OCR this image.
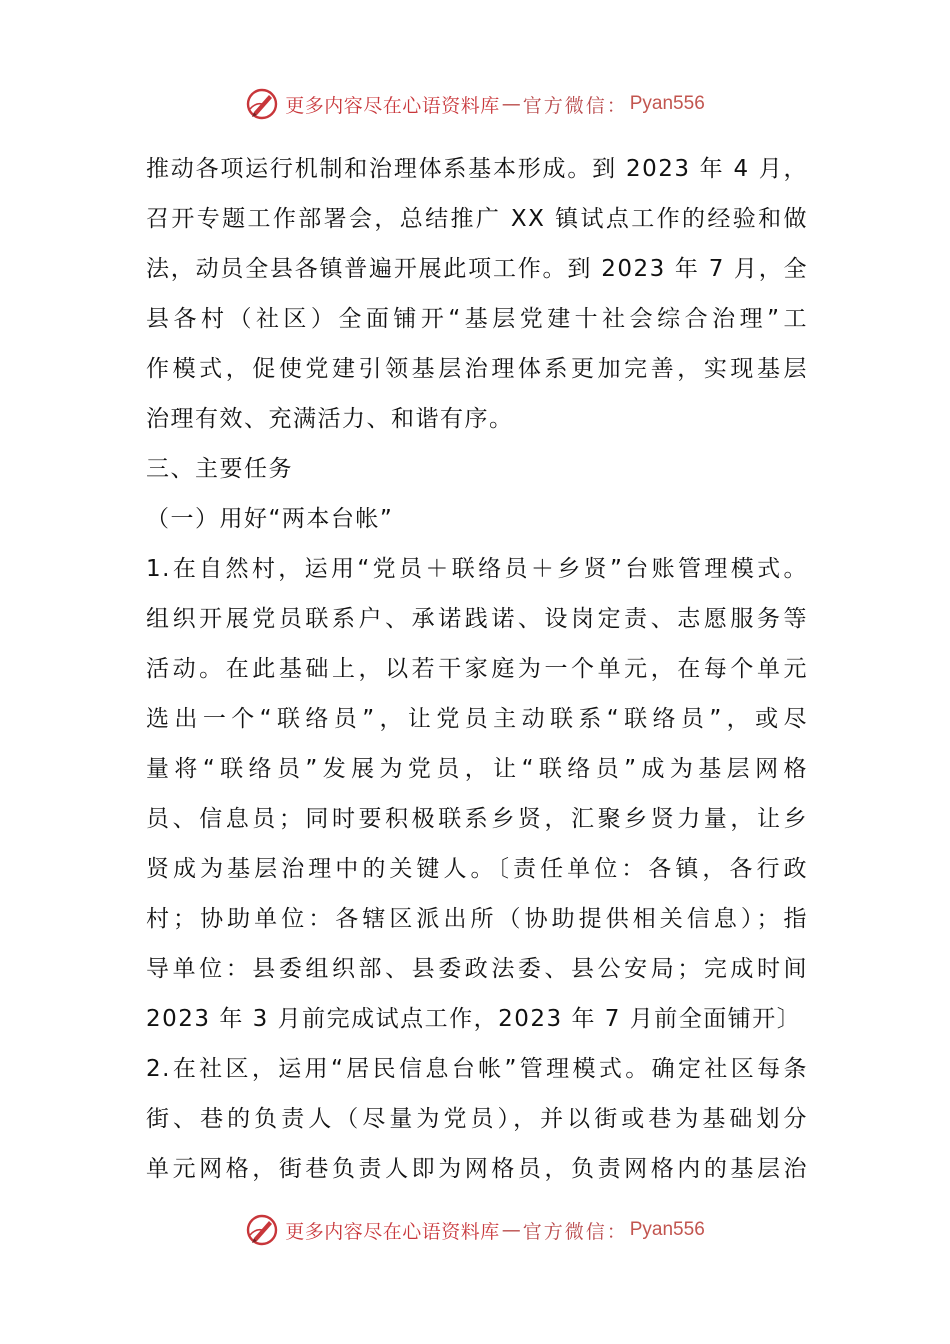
更多内容尽在心语资料库 — 官方微信： Pyan556
推动各项运行机制和治理体系基本形成。到 2023 年 4 月，
召开专题工作部署会，总结推广 XX 镇试点工作的经验和做
法，动员全县各镇普遍开展此项工作。到 2023 年 7 月，全
县各村（社区）全面铺开“基层党建十社会综合治理”工
作模式，促使党建引领基层治理体系更加完善，实现基层
治理有效、充满活力、和谐有序。
三、主要任务
（一）用好“两本台帐”
1.在自然村，运用“党员＋联络员＋乡贤”台账管理模式。
组织开展党员联系户、承诺践诺、设岗定责、志愿服务等
活动。在此基础上，以若干家庭为一个单元，在每个单元
选出一个“联络员”，让党员主动联系“联络员”，或尽
量将“联络员”发展为党员，让“联络员”成为基层网格
员、信息员；同时要积极联系乡贤，汇聚乡贤力量，让乡
贤成为基层治理中的关键人。〔责任单位：各镇，各行政
村；协助单位：各辖区派出所（协助提供相关信息）；指
导单位：县委组织部、县委政法委、县公安局；完成时间
2023 年 3 月前完成试点工作，2023 年 7 月前全面铺开〕
2.在社区，运用“居民信息台帐”管理模式。确定社区每条
街、巷的负责人（尽量为党员），并以街或巷为基础划分
单元网格，街巷负责人即为网格员，负责网格内的基层治
更多内容尽在心语资料库 — 官方微信： Pyan556
